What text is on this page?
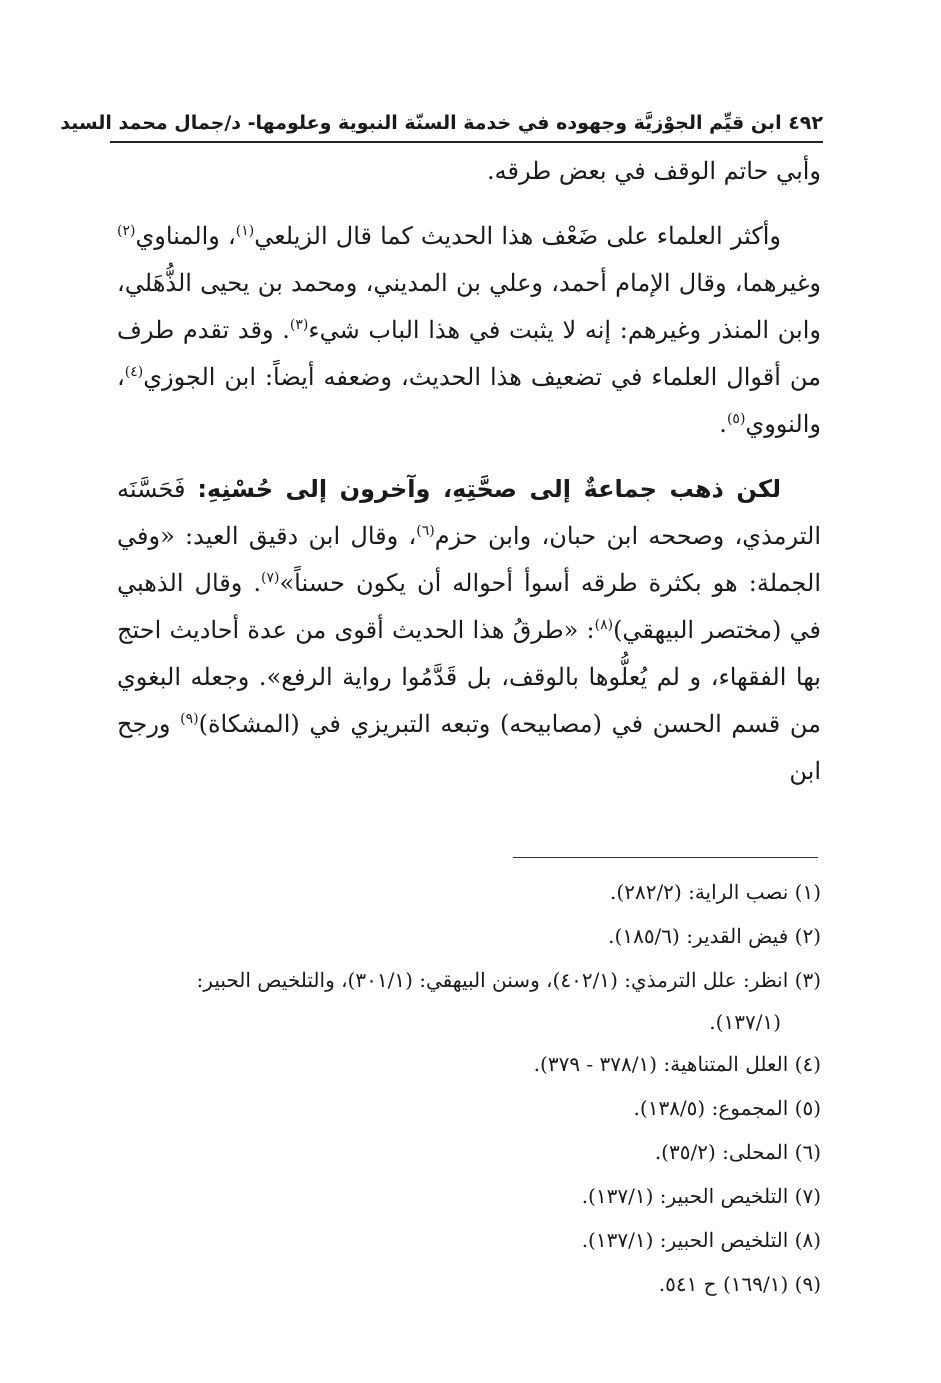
٤٩٢ ابن قيِّم الجوْزيَّة وجهوده في خدمة السنّة النبوية وعلومها- د/جمال محمد السيد

وأبي حاتم الوقف في بعض طرقه.

وأكثر العلماء على ضَعْف هذا الحديث كما قال الزيلعي$^{(١)}$، والمناوي$^{(٢)}$ وغيرهما، وقال الإمام أحمد، وعلي بن المديني، ومحمد بن يحيى الذُّهَلي، وابن المنذر وغيرهم: إنه لا يثبت في هذا الباب شيء$^{(٣)}$. وقد تقدم طرف من أقوال العلماء في تضعيف هذا الحديث، وضعفه أيضاً: ابن الجوزي$^{(٤)}$، والنووي$^{(٥)}$.

لكن ذهب جماعةٌ إلى صحَّتِهِ، وآخرون إلى حُسْنِهِ: فَحَسَّنَه الترمذي، وصححه ابن حبان، وابن حزم$^{(٦)}$، وقال ابن دقيق العيد: «وفي الجملة: هو بكثرة طرقه أسوأ أحواله أن يكون حسناً»$^{(٧)}$. وقال الذهبي في (مختصر البيهقي)$^{(٨)}$: «طرقُ هذا الحديث أقوى من عدة أحاديث احتج بها الفقهاء، و لم يُعلُّوها بالوقف، بل قَدَّمُوا رواية الرفع». وجعله البغوي من قسم الحسن في (مصابيحه) وتبعه التبريزي في (المشكاة)$^{(٩)}$ ورجح ابن

(١) نصب الراية: (٢٨٢/٢).

(٢) فيض القدير: (١٨٥/٦).

(٣) انظر: علل الترمذي: (٤٠٢/١)، وسنن البيهقي: (٣٠١/١)، والتلخيص الحبير:

(١٣٧/١).

(٤) العلل المتناهية: (٣٧٨/١ - ٣٧٩).

(٥) المجموع: (١٣٨/٥).

(٦) المحلى: (٣٥/٢).

(٧) التلخيص الحبير: (١٣٧/١).

(٨) التلخيص الحبير: (١٣٧/١).

(٩) (١٦٩/١) ح ٥٤١.
